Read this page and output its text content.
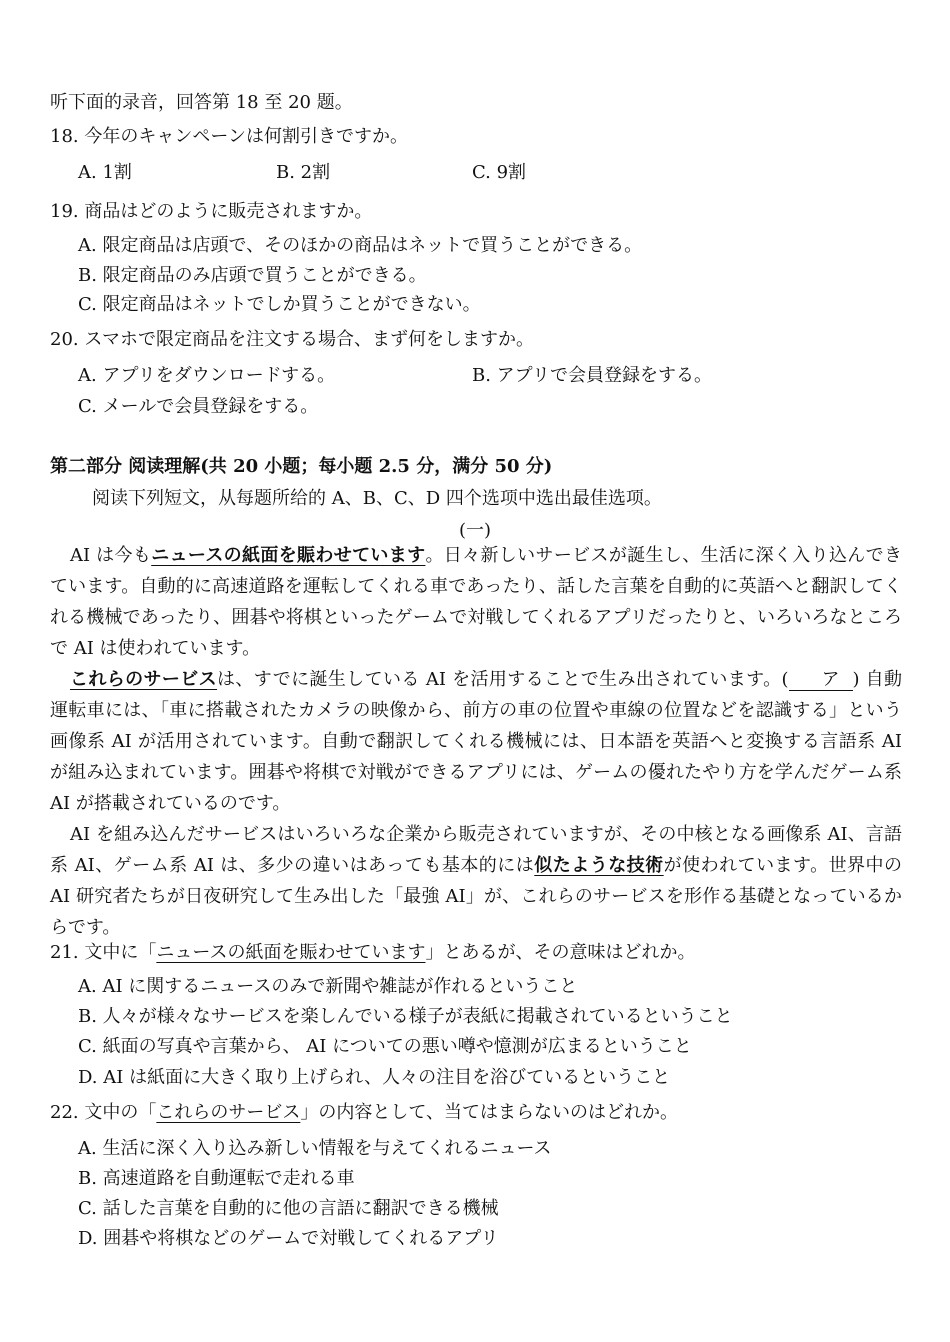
听下面的录音，回答第 18 至 20 题。
18. 今年のキャンペーンは何割引きですか。
A. 1割	B. 2割	C. 9割
19. 商品はどのように販売されますか。
A. 限定商品は店頭で、そのほかの商品はネットで買うことができる。
B. 限定商品のみ店頭で買うことができる。
C. 限定商品はネットでしか買うことができない。
20. スマホで限定商品を注文する場合、まず何をしますか。
A. アプリをダウンロードする。	B. アプリで会員登録をする。
C. メールで会員登録をする。
第二部分 阅读理解(共 20 小题；每小题 2.5 分，满分 50 分)
阅读下列短文，从每题所给的 A、B、C、D 四个选项中选出最佳选项。
(一)
AI は今もニュースの紙面を賑わせています。日々新しいサービスが誕生し、生活に深く入り込んできています。自動的に高速道路を運転してくれる車であったり、話した言葉を自動的に英語へと翻訳してくれる機械であったり、囲碁や将棋といったゲームで対戦してくれるアプリだったりと、いろいろなところで AI は使われています。
これらのサービスは、すでに誕生している AI を活用することで生み出されています。( ア ) 自動運転車には、「車に搭載されたカメラの映像から、前方の車の位置や車線の位置などを認識する」という画像系 AI が活用されています。自動で翻訳してくれる機械には、日本語を英語へと変換する言語系 AI が組み込まれています。囲碁や将棋で対戦ができるアプリには、ゲームの優れたやり方を学んだゲーム系 AI が搭載されているのです。
AI を組み込んだサービスはいろいろな企業から販売されていますが、その中核となる画像系 AI、言語系 AI、ゲーム系 AI は、多少の違いはあっても基本的には似たような技術が使われています。世界中の AI 研究者たちが日夜研究して生み出した「最強 AI」が、これらのサービスを形作る基礎となっているからです。
21. 文中に「ニュースの紙面を賑わせています」とあるが、その意味はどれか。
A. AI に関するニュースのみで新聞や雑誌が作れるということ
B. 人々が様々なサービスを楽しんでいる様子が表紙に掲載されているということ
C. 紙面の写真や言葉から、 AI についての悪い噂や憶測が広まるということ
D. AI は紙面に大きく取り上げられ、人々の注目を浴びているということ
22. 文中の「これらのサービス」の内容として、当てはまらないのはどれか。
A. 生活に深く入り込み新しい情報を与えてくれるニュース
B. 高速道路を自動運転で走れる車
C. 話した言葉を自動的に他の言語に翻訳できる機械
D. 囲碁や将棋などのゲームで対戦してくれるアプリ
